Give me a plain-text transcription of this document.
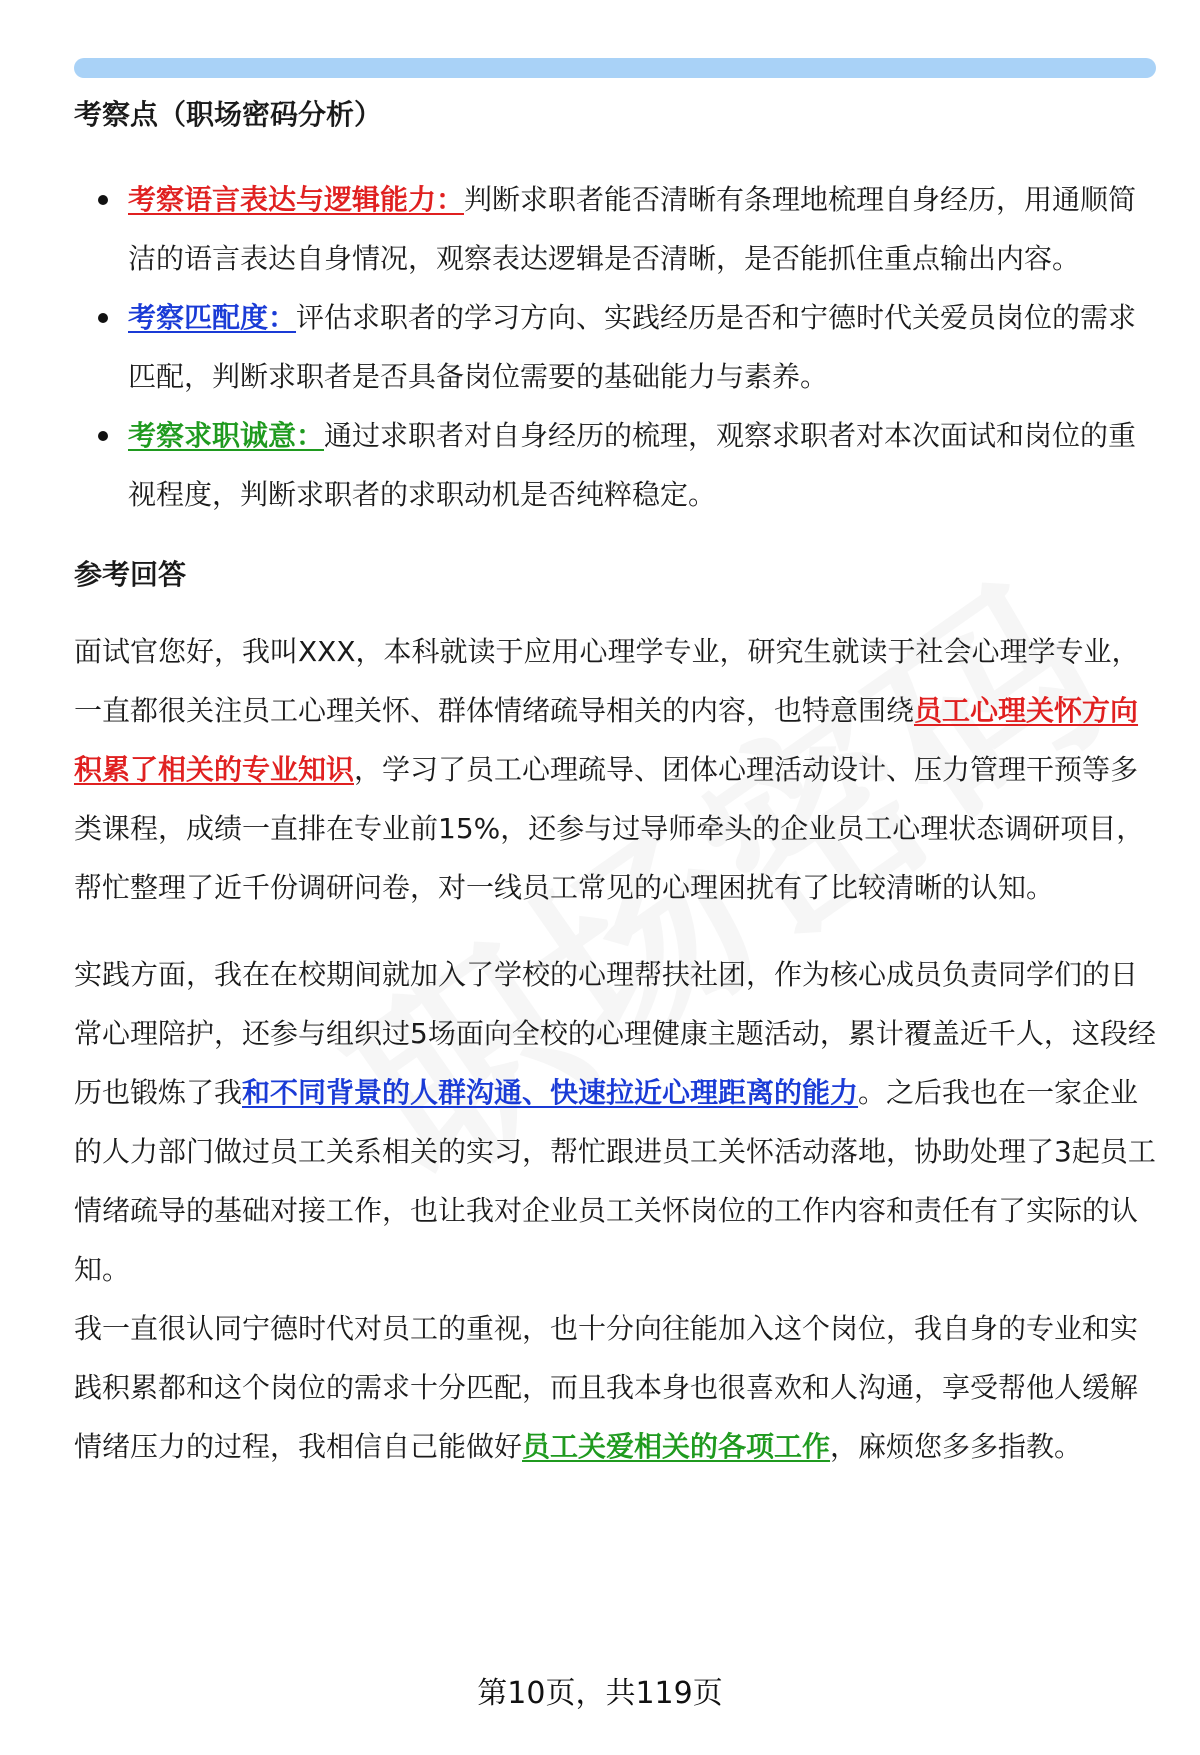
考察点（职场密码分析）
考察语言表达与逻辑能力：判断求职者能否清晰有条理地梳理自身经历，用通顺简洁的语言表达自身情况，观察表达逻辑是否清晰，是否能抓住重点输出内容。
考察匹配度：评估求职者的学习方向、实践经历是否和宁德时代关爱员岗位的需求匹配，判断求职者是否具备岗位需要的基础能力与素养。
考察求职诚意：通过求职者对自身经历的梳理，观察求职者对本次面试和岗位的重视程度，判断求职者的求职动机是否纯粹稳定。
参考回答

面试官您好，我叫XXX，本科就读于应用心理学专业，研究生就读于社会心理学专业，一直都很关注员工心理关怀、群体情绪疏导相关的内容，也特意围绕员工心理关怀方向积累了相关的专业知识，学习了员工心理疏导、团体心理活动设计、压力管理干预等多类课程，成绩一直排在专业前15%，还参与过导师牵头的企业员工心理状态调研项目，帮忙整理了近千份调研问卷，对一线员工常见的心理困扰有了比较清晰的认知。

实践方面，我在在校期间就加入了学校的心理帮扶社团，作为核心成员负责同学们的日常心理陪护，还参与组织过5场面向全校的心理健康主题活动，累计覆盖近千人，这段经历也锻炼了我和不同背景的人群沟通、快速拉近心理距离的能力。之后我也在一家企业的人力部门做过员工关系相关的实习，帮忙跟进员工关怀活动落地，协助处理了3起员工情绪疏导的基础对接工作，也让我对企业员工关怀岗位的工作内容和责任有了实际的认知。

我一直很认同宁德时代对员工的重视，也十分向往能加入这个岗位，我自身的专业和实践积累都和这个岗位的需求十分匹配，而且我本身也很喜欢和人沟通，享受帮他人缓解情绪压力的过程，我相信自己能做好员工关爱相关的各项工作，麻烦您多多指教。

第10页，共119页
